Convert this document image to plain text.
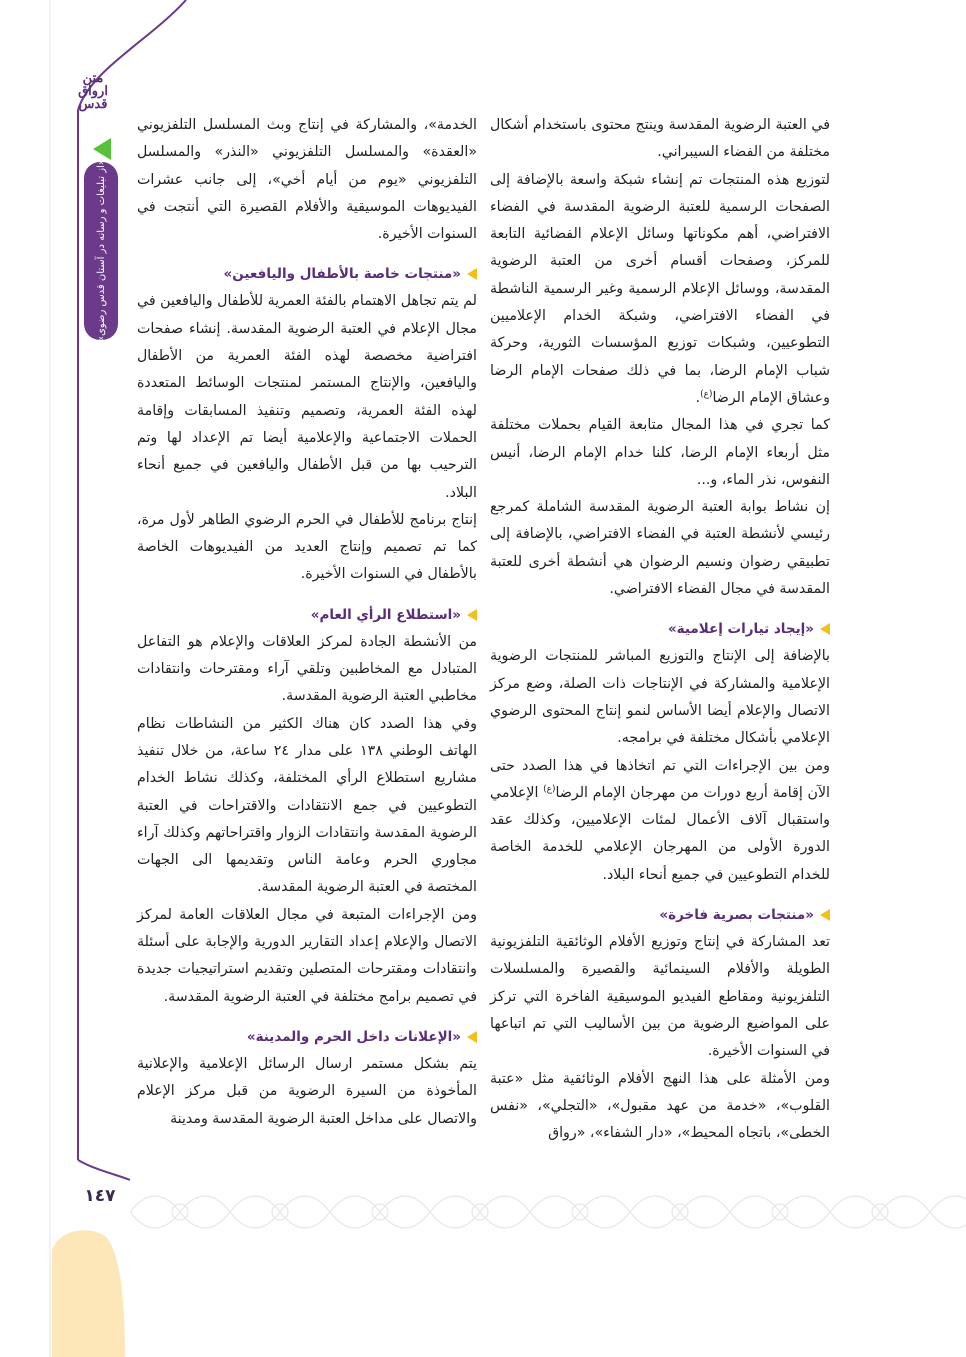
متن
ارواق
قدس
«از تبلیغات و رسانه در آستان قدس رضوی»
١٤٧

في العتبة الرضوية المقدسة وينتج محتوى باستخدام أشكال مختلفة من الفضاء السيبراني.

لتوزيع هذه المنتجات تم إنشاء شبكة واسعة بالإضافة إلى الصفحات الرسمية للعتبة الرضوية المقدسة في الفضاء الافتراضي، أهم مكوناتها وسائل الإعلام الفضائية التابعة للمركز، وصفحات أقسام أخرى من العتبة الرضوية المقدسة، ووسائل الإعلام الرسمية وغير الرسمية الناشطة في الفضاء الافتراضي، وشبكة الخدام الإعلاميين التطوعيين، وشبكات توزيع المؤسسات الثورية، وحركة شباب الإمام الرضا، بما في ذلك صفحات الإمام الرضا وعشاق الإمام الرضا$^{(ع)}$.

كما تجري في هذا المجال متابعة القيام بحملات مختلفة مثل أربعاء الإمام الرضا، كلنا خدام الإمام الرضا، أنيس النفوس، نذر الماء، و...

إن نشاط بوابة العتبة الرضوية المقدسة الشاملة كمرجع رئيسي لأنشطة العتبة في الفضاء الافتراضي، بالإضافة إلى تطبيقي رضوان ونسيم الرضوان هي أنشطة أخرى للعتبة المقدسة في مجال الفضاء الافتراضي.

«إيجاد تيارات إعلامية»

بالإضافة إلى الإنتاج والتوزيع المباشر للمنتجات الرضوية الإعلامية والمشاركة في الإنتاجات ذات الصلة، وضع مركز الاتصال والإعلام أيضا الأساس لنمو إنتاج المحتوى الرضوي الإعلامي بأشكال مختلفة في برامجه.

ومن بين الإجراءات التي تم اتخاذها في هذا الصدد حتى الآن إقامة أربع دورات من مهرجان الإمام الرضا$^{(ع)}$ الإعلامي واستقبال آلاف الأعمال لمئات الإعلاميين، وكذلك عقد الدورة الأولى من المهرجان الإعلامي للخدمة الخاصة للخدام التطوعيين في جميع أنحاء البلاد.

«منتجات بصرية فاخرة»

تعد المشاركة في إنتاج وتوزيع الأفلام الوثائقية التلفزيونية الطويلة والأفلام السينمائية والقصيرة والمسلسلات التلفزيونية ومقاطع الفيديو الموسيقية الفاخرة التي تركز على المواضيع الرضوية من بين الأساليب التي تم اتباعها في السنوات الأخيرة.

ومن الأمثلة على هذا النهج الأفلام الوثائقية مثل «عتبة القلوب»، «خدمة من عهد مقبول»، «التجلي»، «نفس الخطى»، باتجاه المحيط»، «دار الشفاء»، «رواق

الخدمة»، والمشاركة في إنتاج وبث المسلسل التلفزيوني «العقدة» والمسلسل التلفزيوني «النذر» والمسلسل التلفزيوني «يوم من أيام أخي»، إلى جانب عشرات الفيديوهات الموسيقية والأفلام القصيرة التي أنتجت في السنوات الأخيرة.

«منتجات خاصة بالأطفال واليافعين»

لم يتم تجاهل الاهتمام بالفئة العمرية للأطفال واليافعين في مجال الإعلام في العتبة الرضوية المقدسة. إنشاء صفحات افتراضية مخصصة لهذه الفئة العمرية من الأطفال واليافعين، والإنتاج المستمر لمنتجات الوسائط المتعددة لهذه الفئة العمرية، وتصميم وتنفيذ المسابقات وإقامة الحملات الاجتماعية والإعلامية أيضا تم الإعداد لها وتم الترحيب بها من قبل الأطفال واليافعين في جميع أنحاء البلاد.

إنتاج برنامج للأطفال في الحرم الرضوي الطاهر لأول مرة، كما تم تصميم وإنتاج العديد من الفيديوهات الخاصة بالأطفال في السنوات الأخيرة.

«استطلاع الرأي العام»

من الأنشطة الجادة لمركز العلاقات والإعلام هو التفاعل المتبادل مع المخاطبين وتلقي آراء ومقترحات وانتقادات مخاطبي العتبة الرضوية المقدسة.

وفي هذا الصدد كان هناك الكثير من النشاطات نظام الهاتف الوطني ١٣٨ على مدار ٢٤ ساعة، من خلال تنفيذ مشاريع استطلاع الرأي المختلفة، وكذلك نشاط الخدام التطوعيين في جمع الانتقادات والاقتراحات في العتبة الرضوية المقدسة وانتقادات الزوار واقتراحاتهم وكذلك آراء مجاوري الحرم وعامة الناس وتقديمها الى الجهات المختصة في العتبة الرضوية المقدسة.

ومن الإجراءات المتبعة في مجال العلاقات العامة لمركز الاتصال والإعلام إعداد التقارير الدورية والإجابة على أسئلة وانتقادات ومقترحات المتصلين وتقديم استراتيجيات جديدة في تصميم برامج مختلفة في العتبة الرضوية المقدسة.

«الإعلانات داخل الحرم والمدينة»

يتم بشكل مستمر ارسال الرسائل الإعلامية والإعلانية المأخوذة من السيرة الرضوية من قبل مركز الإعلام والاتصال على مداخل العتبة الرضوية المقدسة ومدينة
